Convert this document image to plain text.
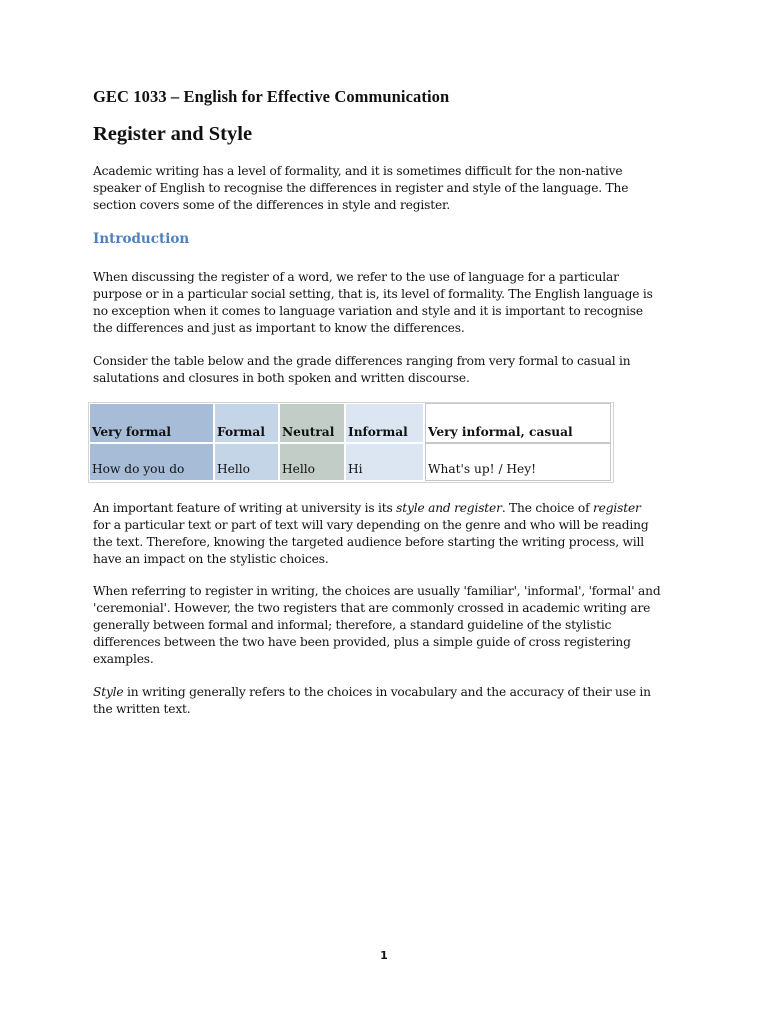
GEC 1033 – English for Effective Communication
Register and Style
Academic writing has a level of formality, and it is sometimes difficult for the non-native
speaker of English to recognise the differences in register and style of the language. The
section covers some of the differences in style and register.
Introduction
When discussing the register of a word, we refer to the use of language for a particular
purpose or in a particular social setting, that is, its level of formality. The English language is
no exception when it comes to language variation and style and it is important to recognise
the differences and just as important to know the differences.
Consider the table below and the grade differences ranging from very formal to casual in
salutations and closures in both spoken and written discourse.
Very formal	Formal	Neutral	Informal	Very informal, casual
How do you do	Hello	Hello	Hi	What's up! / Hey!
An important feature of writing at university is its style and register. The choice of register
for a particular text or part of text will vary depending on the genre and who will be reading
the text. Therefore, knowing the targeted audience before starting the writing process, will
have an impact on the stylistic choices.
When referring to register in writing, the choices are usually 'familiar', 'informal', 'formal' and
'ceremonial'. However, the two registers that are commonly crossed in academic writing are
generally between formal and informal; therefore, a standard guideline of the stylistic
differences between the two have been provided, plus a simple guide of cross registering
examples.
Style in writing generally refers to the choices in vocabulary and the accuracy of their use in
the written text.
1
